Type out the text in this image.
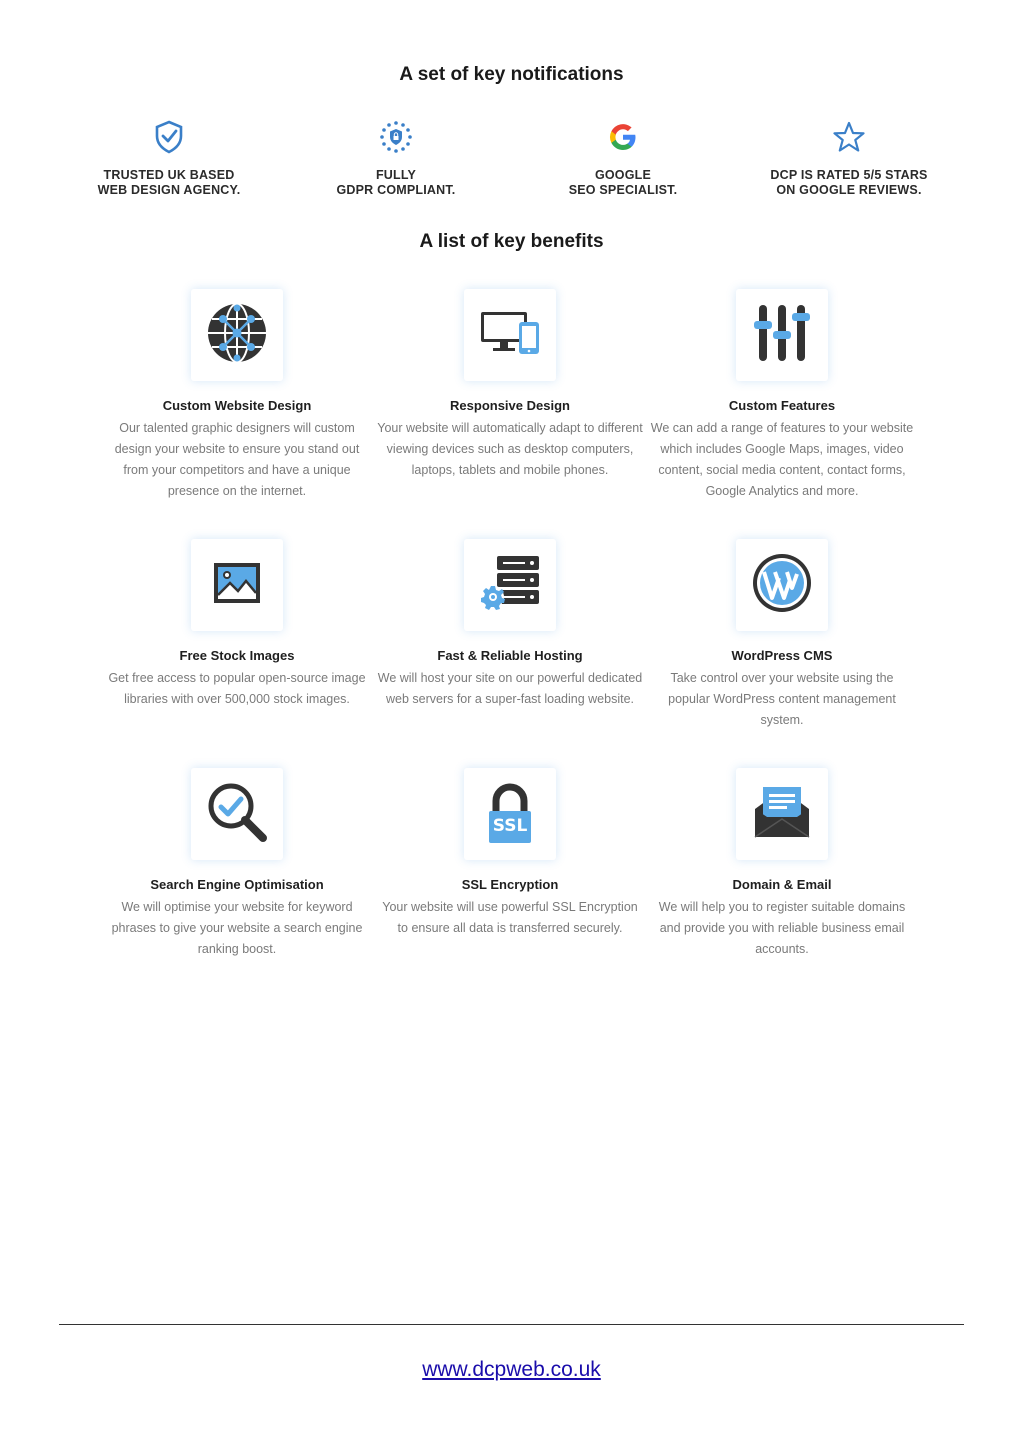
A set of key notifications
TRUSTED UK BASED
WEB DESIGN AGENCY.
FULLY
GDPR COMPLIANT.
GOOGLE
SEO SPECIALIST.
DCP IS RATED 5/5 STARS
ON GOOGLE REVIEWS.
A list of key benefits
Custom Website Design
Our talented graphic designers will custom design your website to ensure you stand out from your competitors and have a unique presence on the internet.
Responsive Design
Your website will automatically adapt to different viewing devices such as desktop computers, laptops, tablets and mobile phones.
Custom Features
We can add a range of features to your website which includes Google Maps, images, video content, social media content, contact forms, Google Analytics and more.
Free Stock Images
Get free access to popular open-source image libraries with over 500,000 stock images.
Fast & Reliable Hosting
We will host your site on our powerful dedicated web servers for a super-fast loading website.
WordPress CMS
Take control over your website using the popular WordPress content management system.
Search Engine Optimisation
We will optimise your website for keyword phrases to give your website a search engine ranking boost.
SSL
SSL Encryption
Your website will use powerful SSL Encryption to ensure all data is transferred securely.
Domain & Email
We will help you to register suitable domains and provide you with reliable business email accounts.
www.dcpweb.co.uk
